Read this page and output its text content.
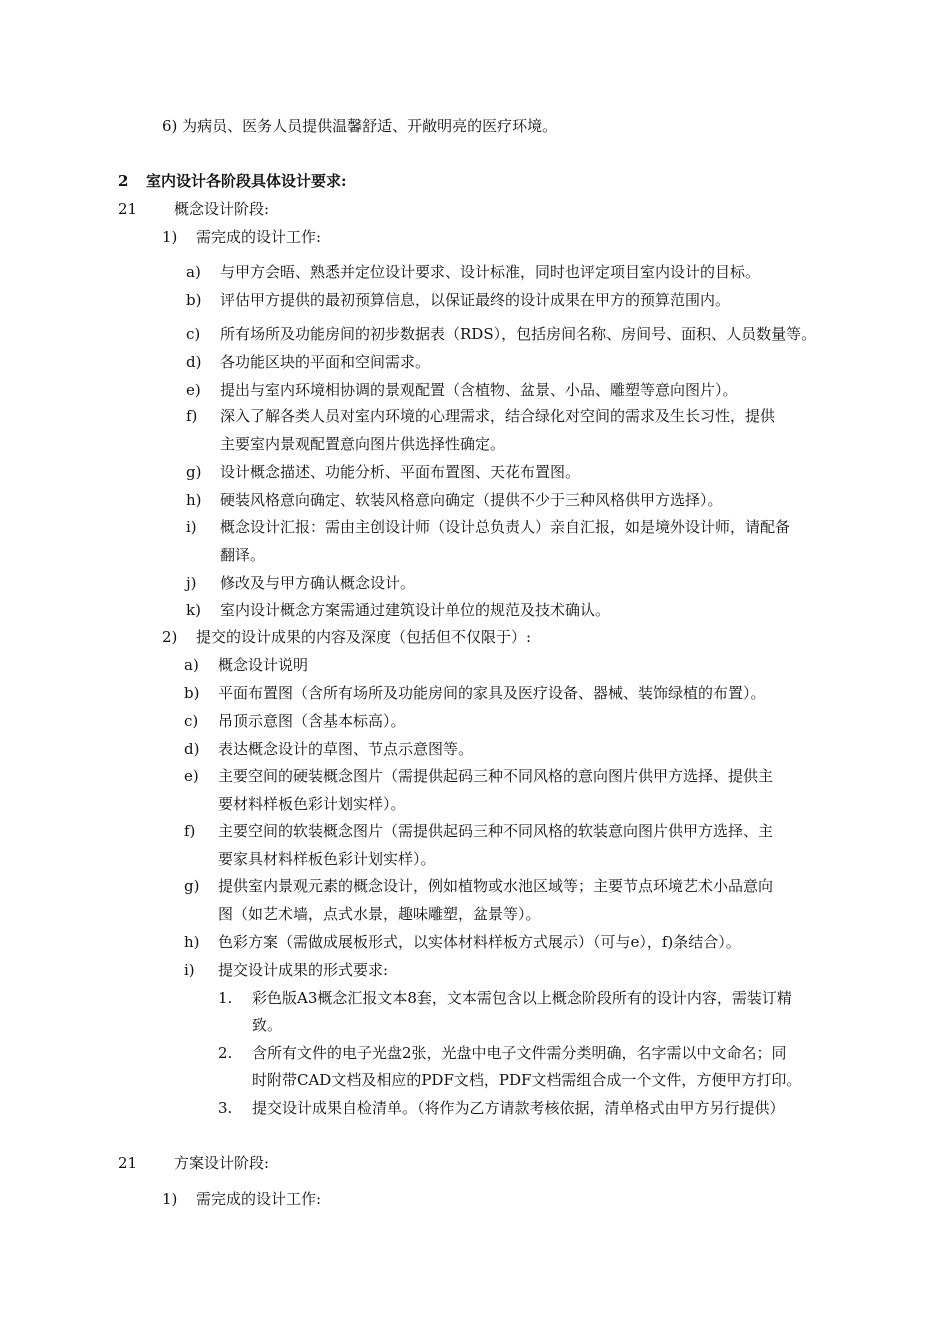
6) 为病员、医务人员提供温馨舒适、开敞明亮的医疗环境。
2 室内设计各阶段具体设计要求:
21 概念设计阶段:
1) 需完成的设计工作:
a) 与甲方会晤、熟悉并定位设计要求、设计标准，同时也评定项目室内设计的目标。
b) 评估甲方提供的最初预算信息，以保证最终的设计成果在甲方的预算范围内。
c) 所有场所及功能房间的初步数据表（RDS），包括房间名称、房间号、面积、人员数量等。
d) 各功能区块的平面和空间需求。
e) 提出与室内环境相协调的景观配置（含植物、盆景、小品、雕塑等意向图片）。
f) 深入了解各类人员对室内环境的心理需求，结合绿化对空间的需求及生长习性，提供
主要室内景观配置意向图片供选择性确定。
g) 设计概念描述、功能分析、平面布置图、天花布置图。
h) 硬装风格意向确定、软装风格意向确定（提供不少于三种风格供甲方选择）。
i) 概念设计汇报：需由主创设计师（设计总负责人）亲自汇报，如是境外设计师，请配备
翻译。
j) 修改及与甲方确认概念设计。
k) 室内设计概念方案需通过建筑设计单位的规范及技术确认。
2) 提交的设计成果的内容及深度（包括但不仅限于）:
a) 概念设计说明
b) 平面布置图（含所有场所及功能房间的家具及医疗设备、器械、装饰绿植的布置）。
c) 吊顶示意图（含基本标高）。
d) 表达概念设计的草图、节点示意图等。
e) 主要空间的硬装概念图片（需提供起码三种不同风格的意向图片供甲方选择、提供主
要材料样板色彩计划实样）。
f) 主要空间的软装概念图片（需提供起码三种不同风格的软装意向图片供甲方选择、主
要家具材料样板色彩计划实样）。
g) 提供室内景观元素的概念设计，例如植物或水池区域等；主要节点环境艺术小品意向
图（如艺术墙，点式水景，趣味雕塑，盆景等）。
h) 色彩方案（需做成展板形式，以实体材料样板方式展示）（可与e），f)条结合）。
i) 提交设计成果的形式要求:
1. 彩色版A3概念汇报文本8套，文本需包含以上概念阶段所有的设计内容，需装订精
致。
2. 含所有文件的电子光盘2张，光盘中电子文件需分类明确，名字需以中文命名；同
时附带CAD文档及相应的PDF文档，PDF文档需组合成一个文件，方便甲方打印。
3. 提交设计成果自检清单。（将作为乙方请款考核依据，清单格式由甲方另行提供）
21 方案设计阶段:
1) 需完成的设计工作:
